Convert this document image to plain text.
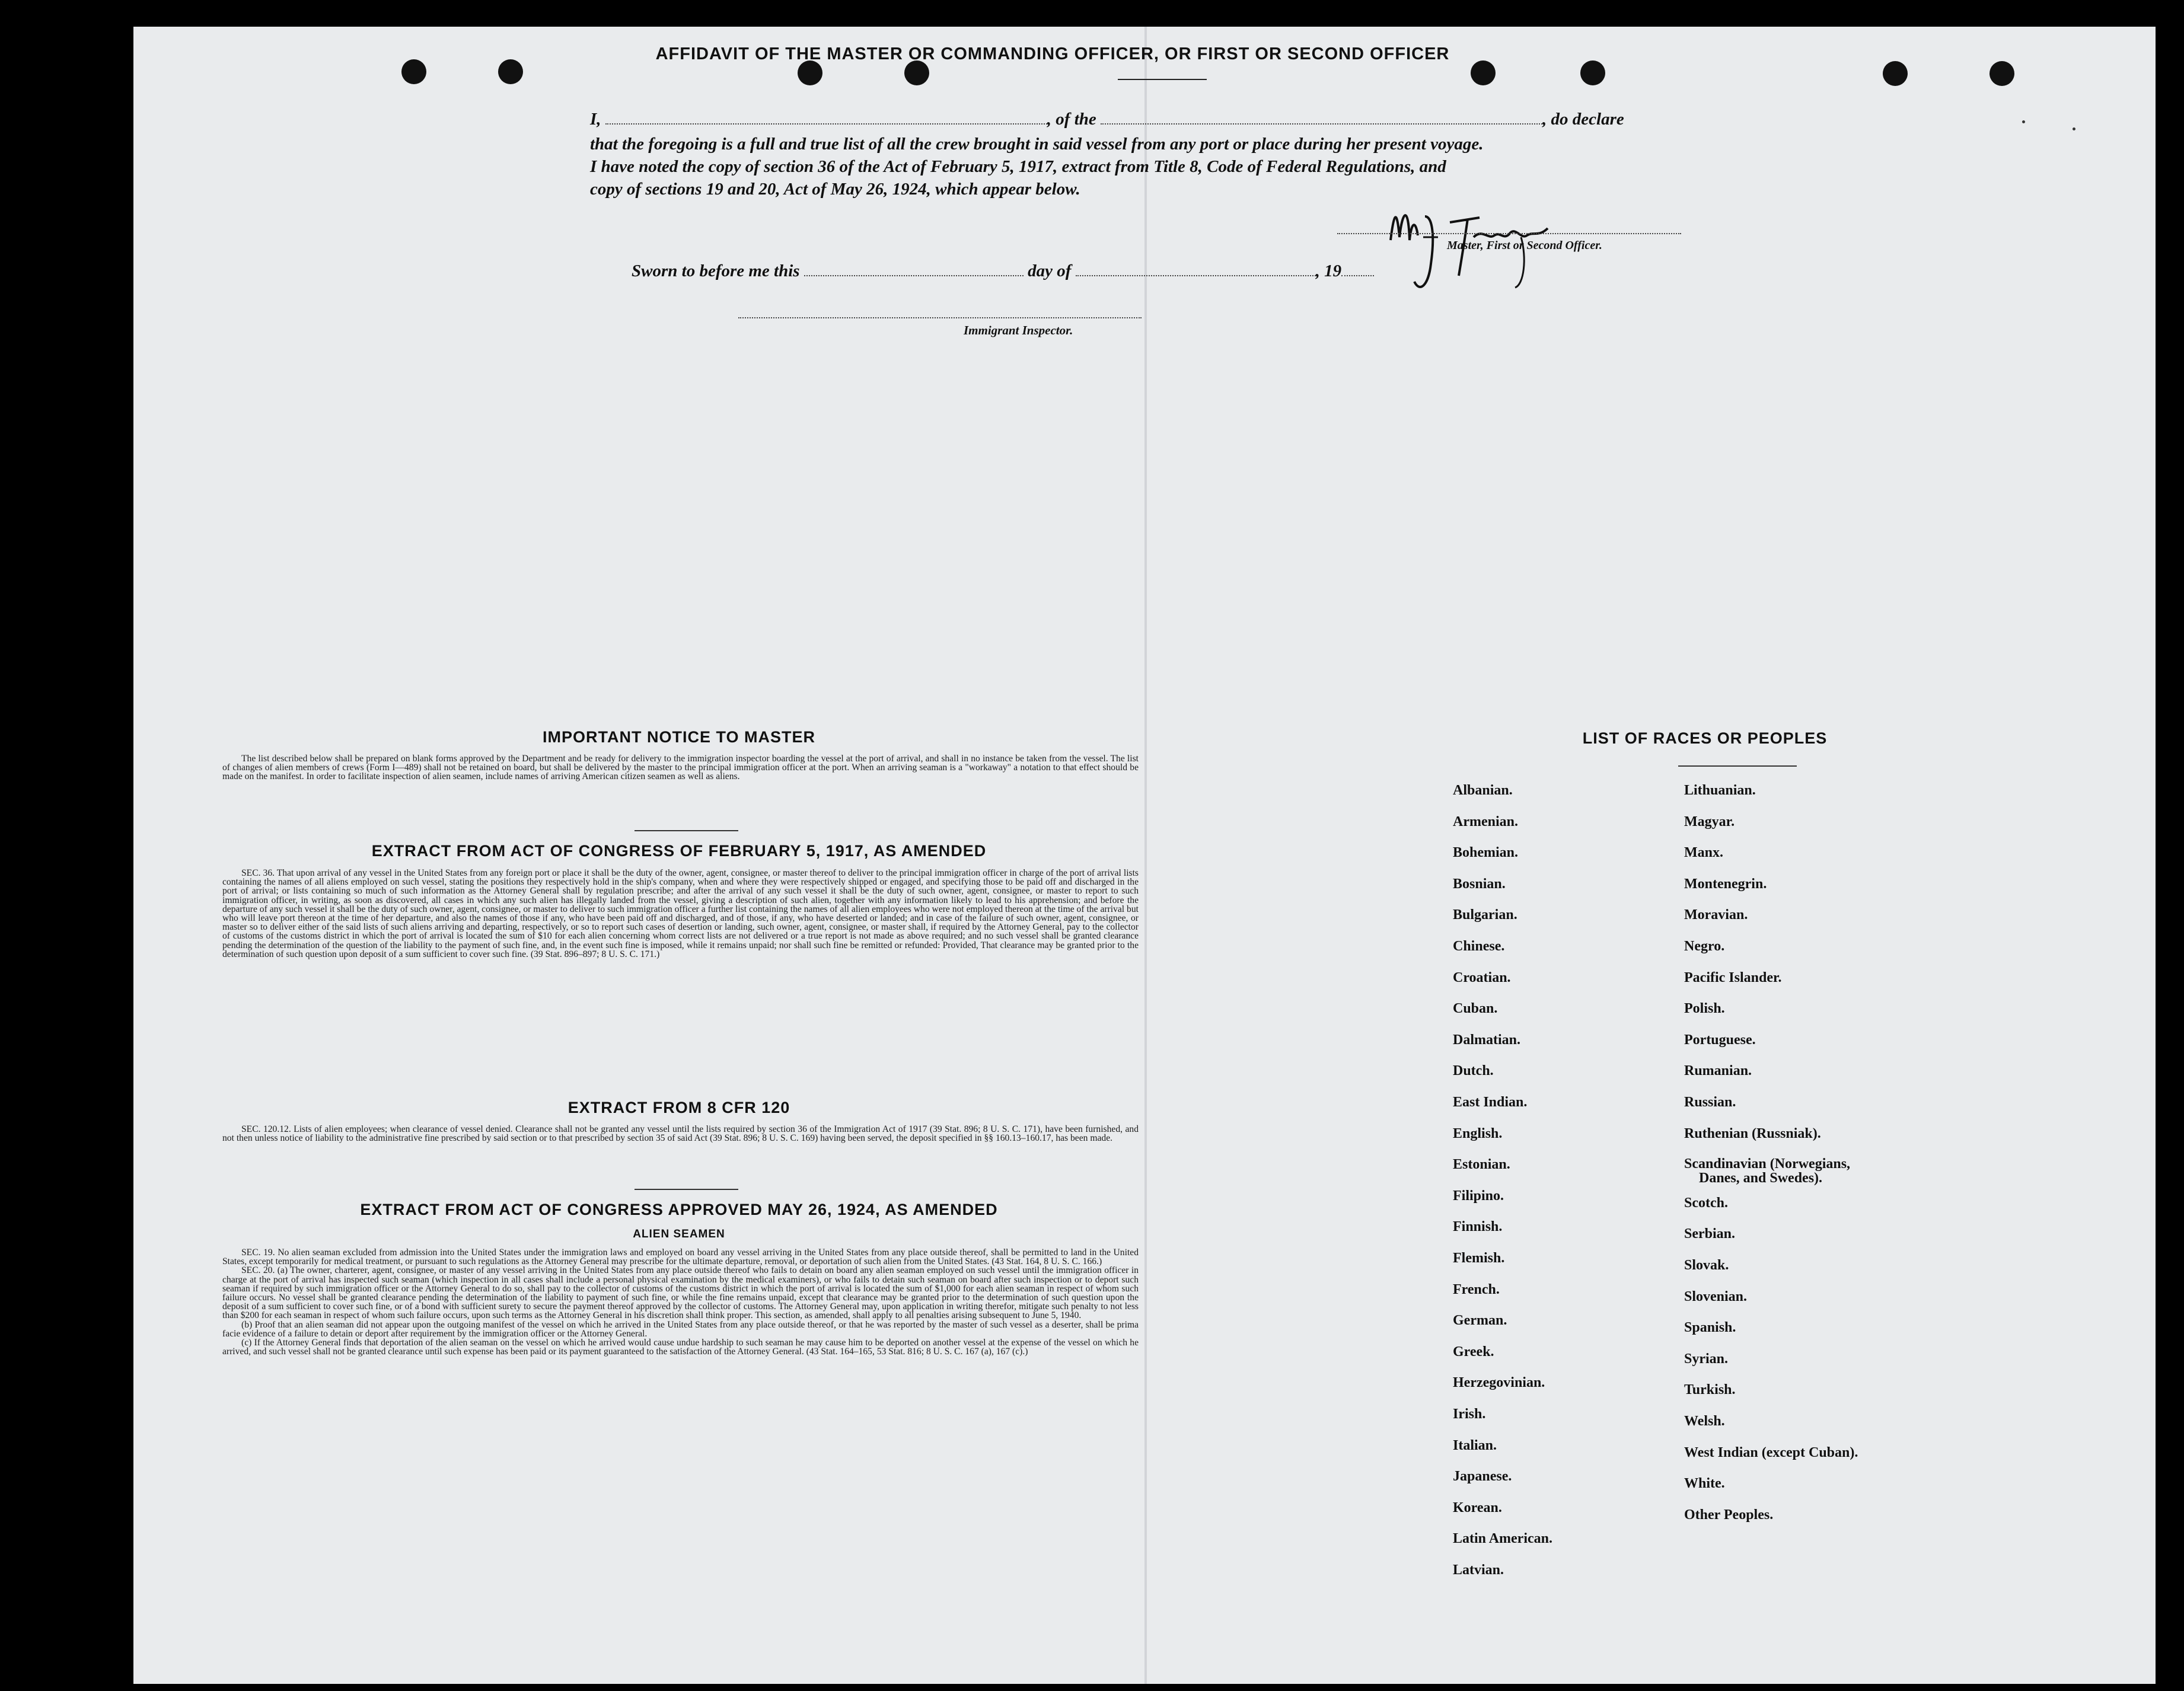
AFFIDAVIT OF THE MASTER OR COMMANDING OFFICER, OR FIRST OR SECOND OFFICER
I,	, of the	, do declare
that the foregoing is a full and true list of all the crew brought in said vessel from any port or place during her present voyage.
I have noted the copy of section 36 of the Act of February 5, 1917, extract from Title 8, Code of Federal Regulations, and
copy of sections 19 and 20, Act of May 26, 1924, which appear below.	M. J. Hogan
Master, First or Second Officer.
Sworn to before me this	day of	, 19
Immigrant Inspector.
IMPORTANT NOTICE TO MASTER

The list described below shall be prepared on blank forms approved by the Department and be ready for delivery to the immigration inspector boarding the vessel at the port of arrival, and shall in no instance be taken from the vessel. The list of changes of alien members of crews (Form I—489) shall not be retained on board, but shall be delivered by the master to the principal immigration officer at the port. When an arriving seaman is a "workaway" a notation to that effect should be made on the manifest. In order to facilitate inspection of alien seamen, include names of arriving American citizen seamen as well as aliens.

EXTRACT FROM ACT OF CONGRESS OF FEBRUARY 5, 1917, AS AMENDED

SEC. 36. That upon arrival of any vessel in the United States from any foreign port or place it shall be the duty of the owner, agent, consignee, or master thereof to deliver to the principal immigration officer in charge of the port of arrival lists containing the names of all aliens employed on such vessel, stating the positions they respectively hold in the ship's company, when and where they were respectively shipped or engaged, and specifying those to be paid off and discharged in the port of arrival; or lists containing so much of such information as the Attorney General shall by regulation prescribe; and after the arrival of any such vessel it shall be the duty of such owner, agent, consignee, or master to report to such immigration officer, in writing, as soon as discovered, all cases in which any such alien has illegally landed from the vessel, giving a description of such alien, together with any information likely to lead to his apprehension; and before the departure of any such vessel it shall be the duty of such owner, agent, consignee, or master to deliver to such immigration officer a further list containing the names of all alien employees who were not employed thereon at the time of the arrival but who will leave port thereon at the time of her departure, and also the names of those if any, who have been paid off and discharged, and of those, if any, who have deserted or landed; and in case of the failure of such owner, agent, consignee, or master so to deliver either of the said lists of such aliens arriving and departing, respectively, or so to report such cases of desertion or landing, such owner, agent, consignee, or master shall, if required by the Attorney General, pay to the collector of customs of the customs district in which the port of arrival is located the sum of $10 for each alien concerning whom correct lists are not delivered or a true report is not made as above required; and no such vessel shall be granted clearance pending the determination of the question of the liability to the payment of such fine, and, in the event such fine is imposed, while it remains unpaid; nor shall such fine be remitted or refunded: Provided, That clearance may be granted prior to the determination of such question upon deposit of a sum sufficient to cover such fine. (39 Stat. 896–897; 8 U. S. C. 171.)

EXTRACT FROM 8 CFR 120

SEC. 120.12. Lists of alien employees; when clearance of vessel denied. Clearance shall not be granted any vessel until the lists required by section 36 of the Immigration Act of 1917 (39 Stat. 896; 8 U. S. C. 171), have been furnished, and not then unless notice of liability to the administrative fine prescribed by said section or to that prescribed by section 35 of said Act (39 Stat. 896; 8 U. S. C. 169) having been served, the deposit specified in §§ 160.13–160.17, has been made.

EXTRACT FROM ACT OF CONGRESS APPROVED MAY 26, 1924, AS AMENDED
ALIEN SEAMEN

SEC. 19. No alien seaman excluded from admission into the United States under the immigration laws and employed on board any vessel arriving in the United States from any place outside thereof, shall be permitted to land in the United States, except temporarily for medical treatment, or pursuant to such regulations as the Attorney General may prescribe for the ultimate departure, removal, or deportation of such alien from the United States. (43 Stat. 164, 8 U. S. C. 166.)

SEC. 20. (a) The owner, charterer, agent, consignee, or master of any vessel arriving in the United States from any place outside thereof who fails to detain on board any alien seaman employed on such vessel until the immigration officer in charge at the port of arrival has inspected such seaman (which inspection in all cases shall include a personal physical examination by the medical examiners), or who fails to detain such seaman on board after such inspection or to deport such seaman if required by such immigration officer or the Attorney General to do so, shall pay to the collector of customs of the customs district in which the port of arrival is located the sum of $1,000 for each alien seaman in respect of whom such failure occurs. No vessel shall be granted clearance pending the determination of the liability to payment of such fine, or while the fine remains unpaid, except that clearance may be granted prior to the determination of such question upon the deposit of a sum sufficient to cover such fine, or of a bond with sufficient surety to secure the payment thereof approved by the collector of customs. The Attorney General may, upon application in writing therefor, mitigate such penalty to not less than $200 for each seaman in respect of whom such failure occurs, upon such terms as the Attorney General in his discretion shall think proper. This section, as amended, shall apply to all penalties arising subsequent to June 5, 1940.

(b) Proof that an alien seaman did not appear upon the outgoing manifest of the vessel on which he arrived in the United States from any place outside thereof, or that he was reported by the master of such vessel as a deserter, shall be prima facie evidence of a failure to detain or deport after requirement by the immigration officer or the Attorney General.

(c) If the Attorney General finds that deportation of the alien seaman on the vessel on which he arrived would cause undue hardship to such seaman he may cause him to be deported on another vessel at the expense of the vessel on which he arrived, and such vessel shall not be granted clearance until such expense has been paid or its payment guaranteed to the satisfaction of the Attorney General. (43 Stat. 164–165, 53 Stat. 816; 8 U. S. C. 167 (a), 167 (c).)

LIST OF RACES OR PEOPLES
Albanian.
Armenian.
Bohemian.
Bosnian.
Bulgarian.
Chinese.
Croatian.
Cuban.
Dalmatian.
Dutch.
East Indian.
English.
Estonian.
Filipino.
Finnish.
Flemish.
French.
German.
Greek.
Herzegovinian.
Irish.
Italian.
Japanese.
Korean.
Latin American.
Latvian.
Lithuanian.
Magyar.
Manx.
Montenegrin.
Moravian.
Negro.
Pacific Islander.
Polish.
Portuguese.
Rumanian.
Russian.
Ruthenian (Russniak).
Scandinavian (Norwegians,
Danes, and Swedes).
Scotch.
Serbian.
Slovak.
Slovenian.
Spanish.
Syrian.
Turkish.
Welsh.
West Indian (except Cuban).
White.
Other Peoples.
